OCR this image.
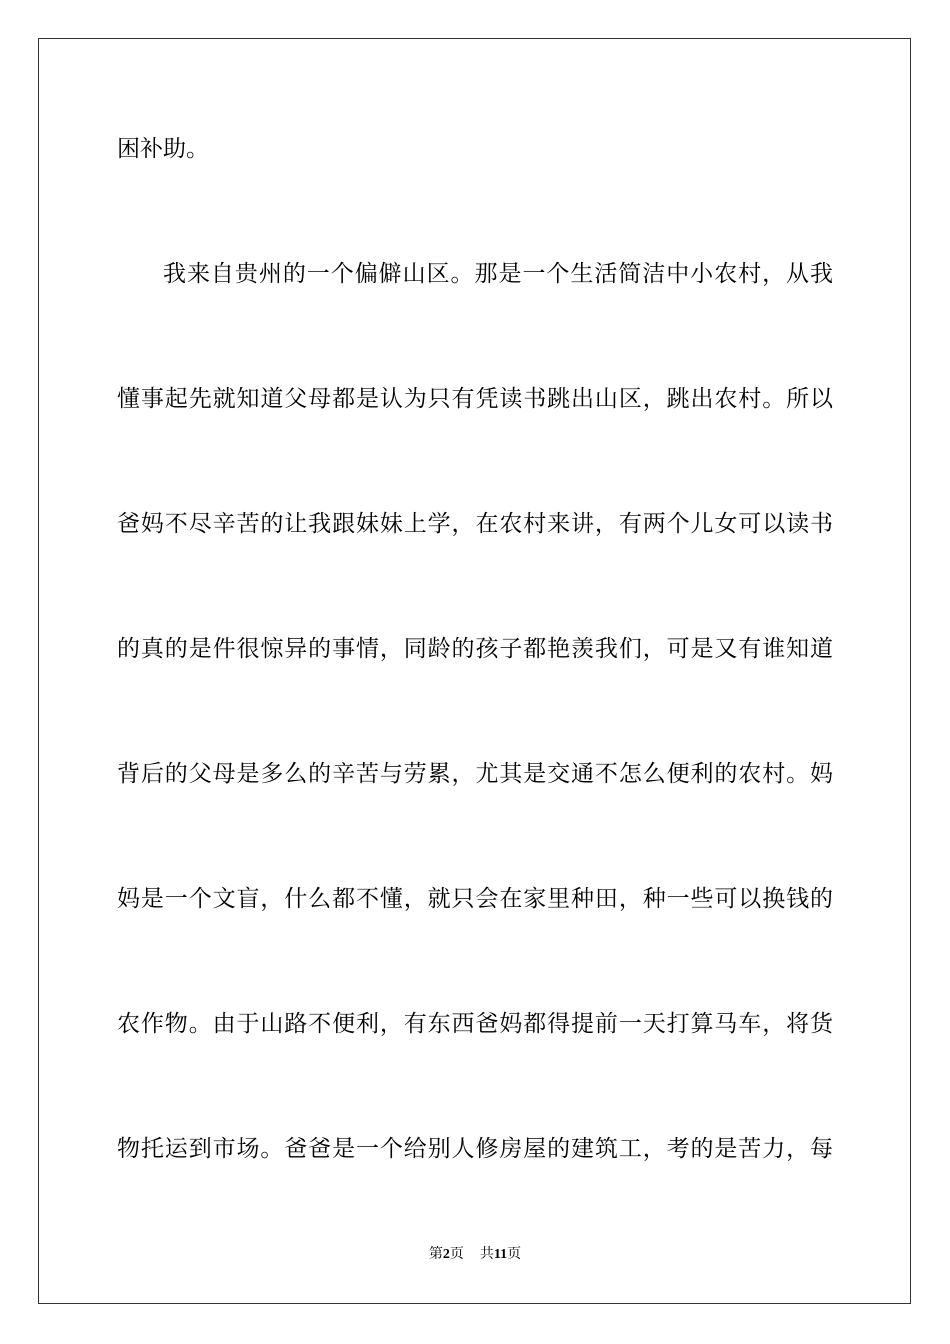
困补助。
我来自贵州的一个偏僻山区。那是一个生活简洁中小农村，从我
懂事起先就知道父母都是认为只有凭读书跳出山区，跳出农村。所以
爸妈不尽辛苦的让我跟妹妹上学，在农村来讲，有两个儿女可以读书
的真的是件很惊异的事情，同龄的孩子都艳羡我们，可是又有谁知道
背后的父母是多么的辛苦与劳累，尤其是交通不怎么便利的农村。妈
妈是一个文盲，什么都不懂，就只会在家里种田，种一些可以换钱的
农作物。由于山路不便利，有东西爸妈都得提前一天打算马车，将货
物托运到市场。爸爸是一个给别人修房屋的建筑工，考的是苦力，每
第2页 共11页
